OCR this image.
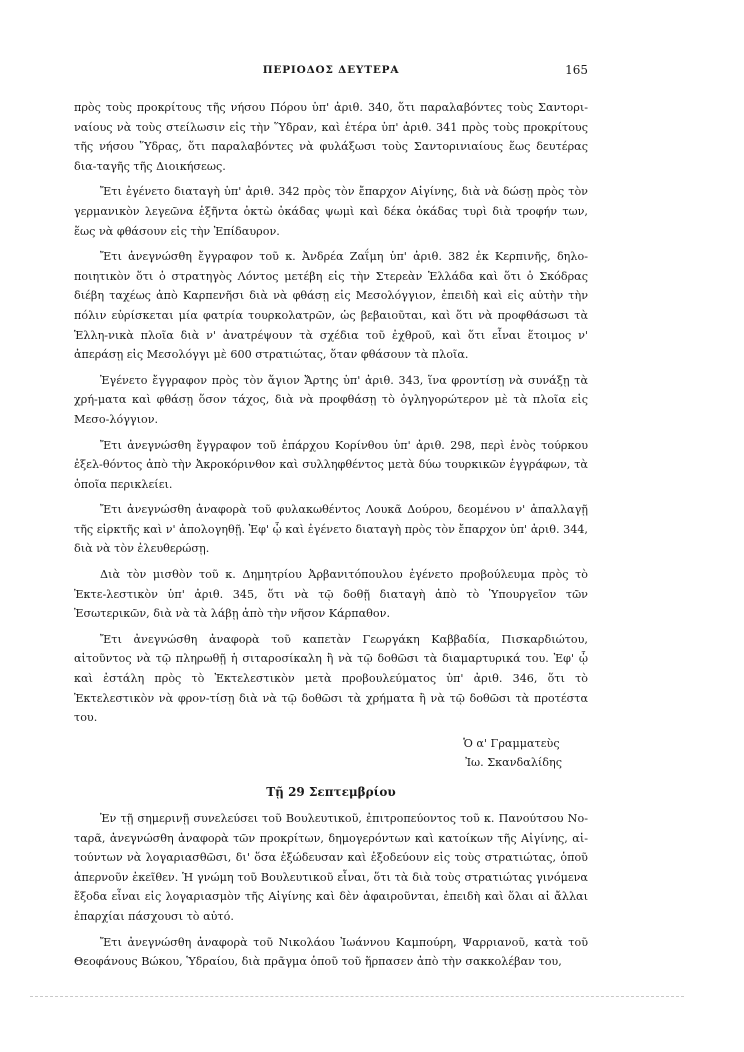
ΠΕΡΙΟΔΟΣ ΔΕΥΤΕΡΑ	165

πρὸς τοὺς προκρίτους τῆς νήσου Πόρου ὑπ' ἀριθ. 340, ὅτι παραλαβόντες τοὺς Σαντορι-ναίους νὰ τοὺς στείλωσιν εἰς τὴν Ὕδραν, καὶ ἑτέρα ὑπ' ἀριθ. 341 πρὸς τοὺς προκρίτους τῆς νήσου Ὕδρας, ὅτι παραλαβόντες νὰ φυλάξωσι τοὺς Σαντορινιαίους ἕως δευτέρας δια-ταγῆς τῆς Διοικήσεως.

Ἔτι ἐγένετο διαταγὴ ὑπ' ἀριθ. 342 πρὸς τὸν ἔπαρχον Αἰγίνης, διὰ νὰ δώσῃ πρὸς τὸν γερμανικὸν λεγεῶνα ἑξῆντα ὀκτὼ ὀκάδας ψωμὶ καὶ δέκα ὀκάδας τυρὶ διὰ τροφήν των, ἕως νὰ φθάσουν εἰς τὴν Ἐπίδαυρον.

Ἔτι ἀνεγνώσθη ἔγγραφον τοῦ κ. Ἀνδρέα Ζαΐμη ὑπ' ἀριθ. 382 ἐκ Κερπινῆς, δηλο-ποιητικὸν ὅτι ὁ στρατηγὸς Λόντος μετέβη εἰς τὴν Στερεὰν Ἑλλάδα καὶ ὅτι ὁ Σκόδρας διέβη ταχέως ἀπὸ Καρπενῆσι διὰ νὰ φθάσῃ εἰς Μεσολόγγιον, ἐπειδὴ καὶ εἰς αὐτὴν τὴν πόλιν εὑρίσκεται μία φατρία τουρκολατρῶν, ὡς βεβαιοῦται, καὶ ὅτι νὰ προφθάσωσι τὰ Ἑλλη-νικὰ πλοῖα διὰ ν' ἀνατρέψουν τὰ σχέδια τοῦ ἐχθροῦ, καὶ ὅτι εἶναι ἕτοιμος ν' ἀπεράσῃ εἰς Μεσολόγγι μὲ 600 στρατιώτας, ὅταν φθάσουν τὰ πλοῖα.

Ἐγένετο ἔγγραφον πρὸς τὸν ἅγιον Ἄρτης ὑπ' ἀριθ. 343, ἵνα φροντίσῃ νὰ συνάξῃ τὰ χρή-ματα καὶ φθάσῃ ὅσον τάχος, διὰ νὰ προφθάσῃ τὸ ὀγληγορώτερον μὲ τὰ πλοῖα εἰς Μεσο-λόγγιον.

Ἔτι ἀνεγνώσθη ἔγγραφον τοῦ ἐπάρχου Κορίνθου ὑπ' ἀριθ. 298, περὶ ἑνὸς τούρκου ἐξελ-θόντος ἀπὸ τὴν Ἀκροκόρινθον καὶ συλληφθέντος μετὰ δύω τουρκικῶν ἐγγράφων, τὰ ὁποῖα περικλείει.

Ἔτι ἀνεγνώσθη ἀναφορὰ τοῦ φυλακωθέντος Λουκᾶ Δούρου, δεομένου ν' ἀπαλλαγῇ τῆς εἱρκτῆς καὶ ν' ἀπολογηθῇ. Ἐφ' ᾧ καὶ ἐγένετο διαταγὴ πρὸς τὸν ἔπαρχον ὑπ' ἀριθ. 344, διὰ νὰ τὸν ἐλευθερώσῃ.

Διὰ τὸν μισθὸν τοῦ κ. Δημητρίου Ἀρβανιτόπουλου ἐγένετο προβούλευμα πρὸς τὸ Ἐκτε-λεστικὸν ὑπ' ἀριθ. 345, ὅτι νὰ τῷ δοθῇ διαταγὴ ἀπὸ τὸ Ὑπουργεῖον τῶν Ἐσωτερικῶν, διὰ νὰ τὰ λάβῃ ἀπὸ τὴν νῆσον Κάρπαθον.

Ἔτι ἀνεγνώσθη ἀναφορὰ τοῦ καπετὰν Γεωργάκη Καββαδία, Πισκαρδιώτου, αἰτοῦντος νὰ τῷ πληρωθῇ ἡ σιταροσίκαλη ἢ νὰ τῷ δοθῶσι τὰ διαμαρτυρικά του. Ἐφ' ᾧ καὶ ἐστάλη πρὸς τὸ Ἐκτελεστικὸν μετὰ προβουλεύματος ὑπ' ἀριθ. 346, ὅτι τὸ Ἐκτελεστικὸν νὰ φρον-τίσῃ διὰ νὰ τῷ δοθῶσι τὰ χρήματα ἢ νὰ τῷ δοθῶσι τὰ προτέστα του.

Ὁ α' Γραμματεὺς
Ἰω. Σκανδαλίδης
Τῇ 29 Σεπτεμβρίου

Ἐν τῇ σημερινῇ συνελεύσει τοῦ Βουλευτικοῦ, ἐπιτροπεύοντος τοῦ κ. Πανούτσου Νο-ταρᾶ, ἀνεγνώσθη ἀναφορὰ τῶν προκρίτων, δημογερόντων καὶ κατοίκων τῆς Αἰγίνης, αἰ-τούντων νὰ λογαριασθῶσι, δι' ὅσα ἐξώδευσαν καὶ ἐξοδεύουν εἰς τοὺς στρατιώτας, ὁποῦ ἀπερνοῦν ἐκεῖθεν. Ἡ γνώμη τοῦ Βουλευτικοῦ εἶναι, ὅτι τὰ διὰ τοὺς στρατιώτας γινόμενα ἔξοδα εἶναι εἰς λογαριασμὸν τῆς Αἰγίνης καὶ δὲν ἀφαιροῦνται, ἐπειδὴ καὶ ὅλαι αἱ ἄλλαι ἐπαρχίαι πάσχουσι τὸ αὐτό.

Ἔτι ἀνεγνώσθη ἀναφορὰ τοῦ Νικολάου Ἰωάννου Καμπούρη, Ψαρριανοῦ, κατὰ τοῦ Θεοφάνους Βώκου, Ὑδραίου, διὰ πρᾶγμα ὁποῦ τοῦ ἥρπασεν ἀπὸ τὴν σακκολέβαν του,
